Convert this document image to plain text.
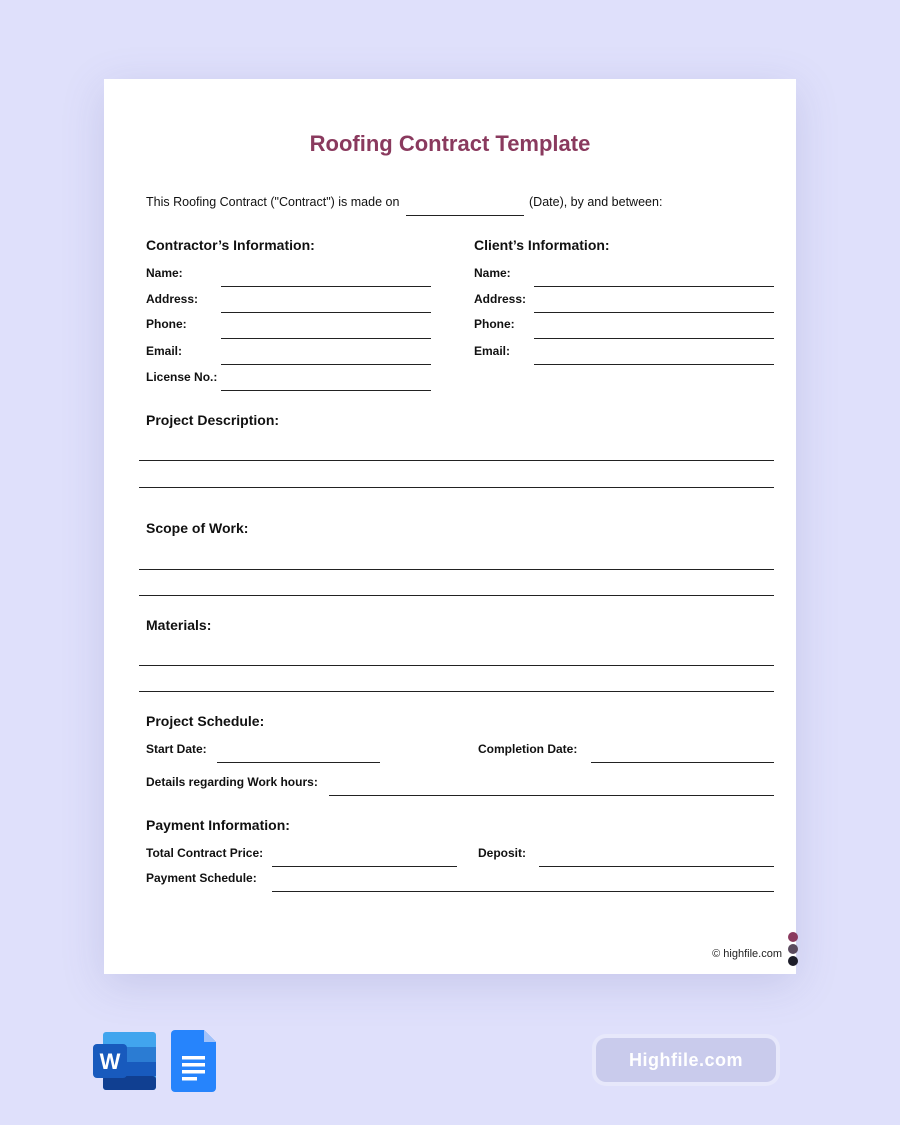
Roofing Contract Template
This Roofing Contract ("Contract") is made on	(Date), by and between:
Contractor’s Information:
Name:
Address:
Phone:
Email:
License No.:
Client’s Information:
Name:
Address:
Phone:
Email:
Project Description:
Scope of Work:
Materials:
Project Schedule:
Start Date:	Completion Date:
Details regarding Work hours:
Payment Information:
Total Contract Price:	Deposit:
Payment Schedule:
© highfile.com
W	Highfile.com
